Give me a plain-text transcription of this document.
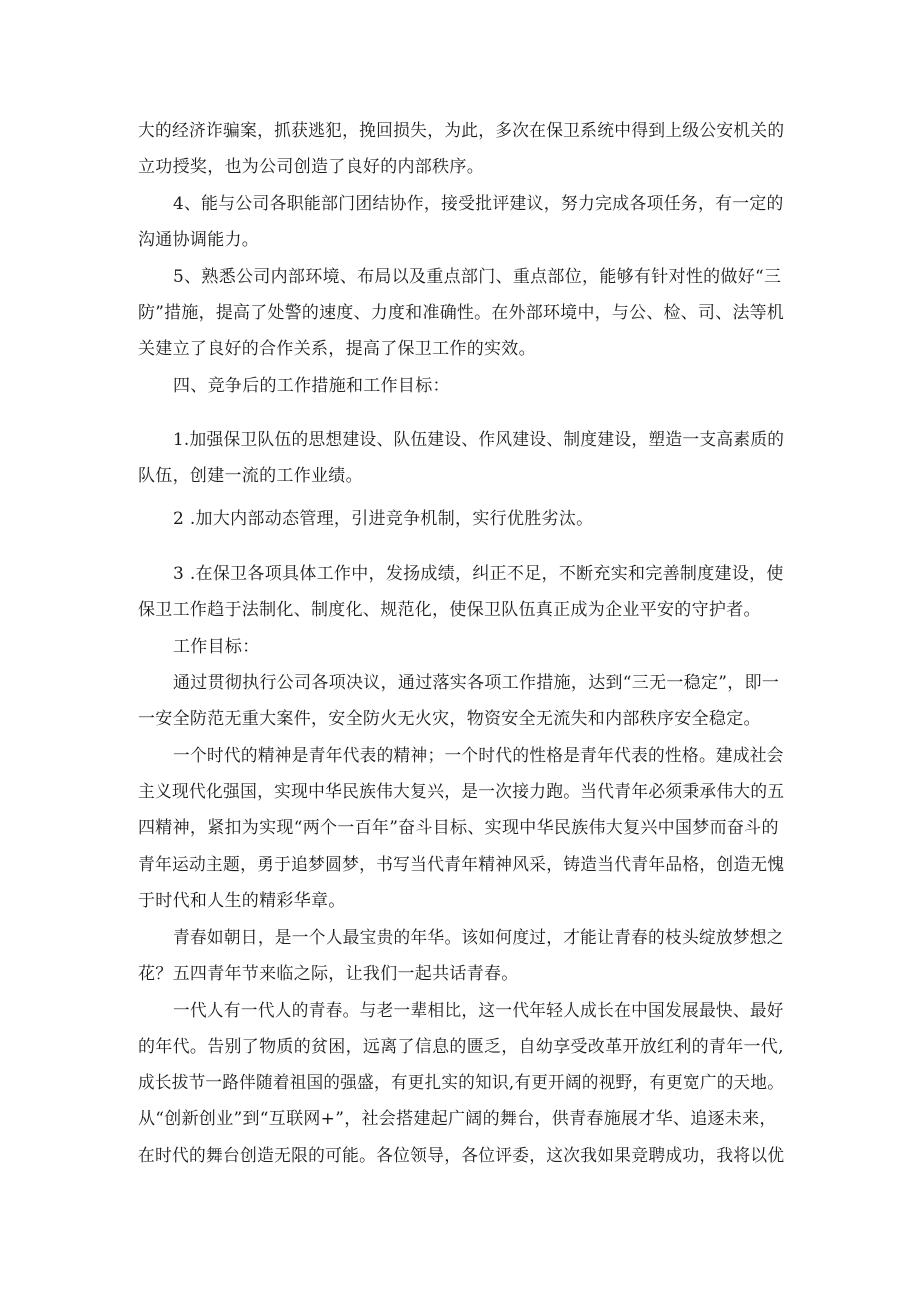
大的经济诈骗案，抓获逃犯，挽回损失，为此，多次在保卫系统中得到上级公安机关的
立功授奖，也为公司创造了良好的内部秩序。
4、能与公司各职能部门团结协作，接受批评建议，努力完成各项任务，有一定的
沟通协调能力。
5、熟悉公司内部环境、布局以及重点部门、重点部位，能够有针对性的做好“三
防”措施，提高了处警的速度、力度和准确性。在外部环境中，与公、检、司、法等机
关建立了良好的合作关系，提高了保卫工作的实效。
四、竞争后的工作措施和工作目标：
1.加强保卫队伍的思想建设、队伍建设、作风建设、制度建设，塑造一支高素质的
队伍，创建一流的工作业绩。
2 .加大内部动态管理，引进竞争机制，实行优胜劣汰。
3 .在保卫各项具体工作中，发扬成绩，纠正不足，不断充实和完善制度建设，使
保卫工作趋于法制化、制度化、规范化，使保卫队伍真正成为企业平安的守护者。
工作目标：
通过贯彻执行公司各项决议，通过落实各项工作措施，达到“三无一稳定”，即一
一安全防范无重大案件，安全防火无火灾，物资安全无流失和内部秩序安全稳定。
一个时代的精神是青年代表的精神；一个时代的性格是青年代表的性格。建成社会
主义现代化强国，实现中华民族伟大复兴，是一次接力跑。当代青年必须秉承伟大的五
四精神，紧扣为实现“两个一百年”奋斗目标、实现中华民族伟大复兴中国梦而奋斗的
青年运动主题，勇于追梦圆梦，书写当代青年精神风采，铸造当代青年品格，创造无愧
于时代和人生的精彩华章。
青春如朝日，是一个人最宝贵的年华。该如何度过，才能让青春的枝头绽放梦想之
花？五四青年节来临之际，让我们一起共话青春。
一代人有一代人的青春。与老一辈相比，这一代年轻人成长在中国发展最快、最好
的年代。告别了物质的贫困，远离了信息的匮乏，自幼享受改革开放红利的青年一代,
成长拔节一路伴随着祖国的强盛，有更扎实的知识,有更开阔的视野，有更宽广的天地。
从“创新创业”到“互联网+”，社会搭建起广阔的舞台，供青春施展才华、追逐未来，
在时代的舞台创造无限的可能。各位领导，各位评委，这次我如果竞聘成功，我将以优
